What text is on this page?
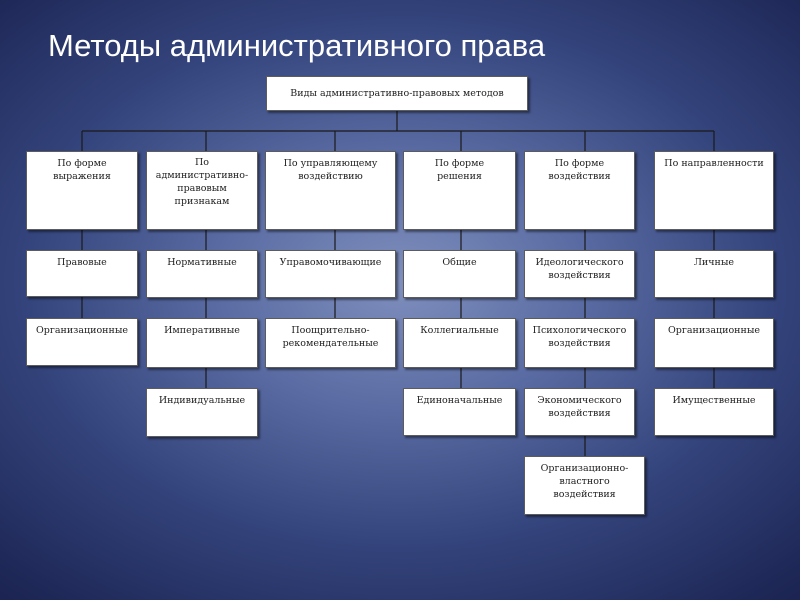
Методы административного права
Виды административно-правовых методов
По форме
выражения
Правовые
Организационные
По
административно-
правовым
признакам
Нормативные
Императивные
Индивидуальные
По управляющему
воздействию
Управомочивающие
Поощрительно-
рекомендательные
По форме
решения
Общие
Коллегиальные
Единоначальные
По форме
воздействия
Идеологического
воздействия
Психологического
воздействия
Экономического
воздействия
Организационно-
властного
воздействия
По направленности
Личные
Организационные
Имущественные
